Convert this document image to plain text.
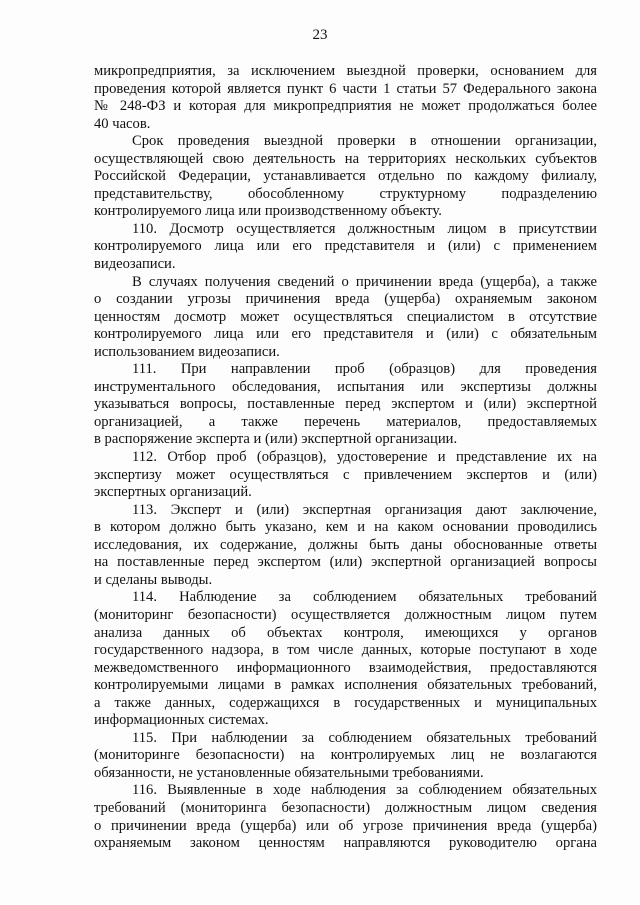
23
микропредприятия, за исключением выездной проверки, основанием для
проведения которой является пункт 6 части 1 статьи 57 Федерального закона
№ 248-ФЗ и которая для микропредприятия не может продолжаться более
40 часов.
Срок проведения выездной проверки в отношении организации,
осуществляющей свою деятельность на территориях нескольких субъектов
Российской Федерации, устанавливается отдельно по каждому филиалу,
представительству, обособленному структурному подразделению
контролируемого лица или производственному объекту.
110. Досмотр осуществляется должностным лицом в присутствии
контролируемого лица или его представителя и (или) с применением
видеозаписи.
В случаях получения сведений о причинении вреда (ущерба), а также
о создании угрозы причинения вреда (ущерба) охраняемым законом
ценностям досмотр может осуществляться специалистом в отсутствие
контролируемого лица или его представителя и (или) с обязательным
использованием видеозаписи.
111. При направлении проб (образцов) для проведения
инструментального обследования, испытания или экспертизы должны
указываться вопросы, поставленные перед экспертом и (или) экспертной
организацией, а также перечень материалов, предоставляемых
в распоряжение эксперта и (или) экспертной организации.
112. Отбор проб (образцов), удостоверение и представление их на
экспертизу может осуществляться с привлечением экспертов и (или)
экспертных организаций.
113. Эксперт и (или) экспертная организация дают заключение,
в котором должно быть указано, кем и на каком основании проводились
исследования, их содержание, должны быть даны обоснованные ответы
на поставленные перед экспертом (или) экспертной организацией вопросы
и сделаны выводы.
114. Наблюдение за соблюдением обязательных требований
(мониторинг безопасности) осуществляется должностным лицом путем
анализа данных об объектах контроля, имеющихся у органов
государственного надзора, в том числе данных, которые поступают в ходе
межведомственного информационного взаимодействия, предоставляются
контролируемыми лицами в рамках исполнения обязательных требований,
а также данных, содержащихся в государственных и муниципальных
информационных системах.
115. При наблюдении за соблюдением обязательных требований
(мониторинге безопасности) на контролируемых лиц не возлагаются
обязанности, не установленные обязательными требованиями.
116. Выявленные в ходе наблюдения за соблюдением обязательных
требований (мониторинга безопасности) должностным лицом сведения
о причинении вреда (ущерба) или об угрозе причинения вреда (ущерба)
охраняемым законом ценностям направляются руководителю органа
